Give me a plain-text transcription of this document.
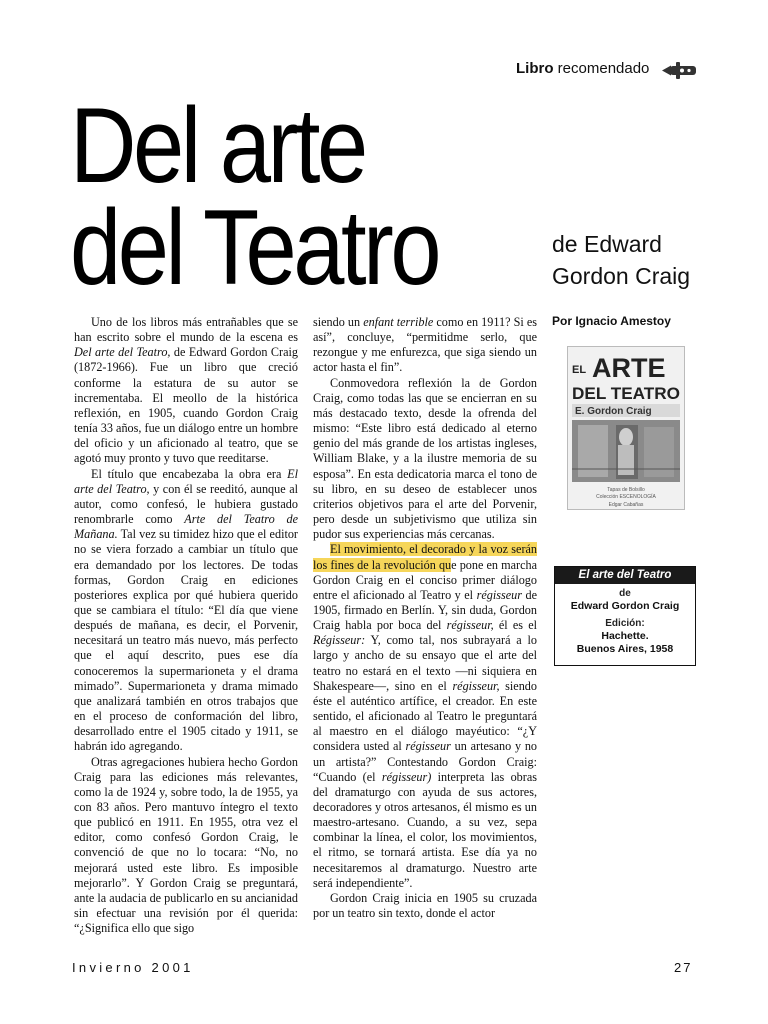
Libro recomendado
Del arte
del Teatro	de Edward
Gordon Craig
Por Ignacio Amestoy

Uno de los libros más entrañables que se han escrito sobre el mundo de la escena es Del arte del Teatro, de Edward Gordon Craig (1872-1966). Fue un libro que creció conforme la estatura de su autor se incrementaba. El meollo de la histórica reflexión, en 1905, cuando Gordon Craig tenía 33 años, fue un diálogo entre un hombre del oficio y un aficionado al teatro, que se agotó muy pronto y tuvo que reeditarse.

El título que encabezaba la obra era El arte del Teatro, y con él se reeditó, aunque al autor, como confesó, le hubiera gustado renombrarle como Arte del Teatro de Mañana. Tal vez su timidez hizo que el editor no se viera forzado a cambiar un título que era demandado por los lectores. De todas formas, Gordon Craig en ediciones posteriores explica por qué hubiera querido que se cambiara el título: “El día que viene después de mañana, es decir, el Porvenir, necesitará un teatro más nuevo, más perfecto que el aquí descrito, pues ese día conoceremos la supermarioneta y el drama mimado”. Supermarioneta y drama mimado que analizará también en otros trabajos que en el proceso de conformación del libro, desarrollado entre el 1905 citado y 1911, se habrán ido agregando.

Otras agregaciones hubiera hecho Gordon Craig para las ediciones más relevantes, como la de 1924 y, sobre todo, la de 1955, ya con 83 años. Pero mantuvo íntegro el texto que publicó en 1911. En 1955, otra vez el editor, como confesó Gordon Craig, le convenció de que no lo tocara: “No, no mejorará usted este libro. Es imposible mejorarlo”. Y Gordon Craig se preguntará, ante la audacia de publicarlo en su ancianidad sin efectuar una revisión por él querida: “¿Significa ello que sigo

siendo un enfant terrible como en 1911? Si es así”, concluye, “permitidme serlo, que rezongue y me enfurezca, que siga siendo un actor hasta el fin”.

Conmovedora reflexión la de Gordon Craig, como todas las que se encierran en su más destacado texto, desde la ofrenda del mismo: “Este libro está dedicado al eterno genio del más grande de los artistas ingleses, William Blake, y a la ilustre memoria de su esposa”. En esta dedicatoria marca el tono de su libro, en su deseo de establecer unos criterios objetivos para el arte del Porvenir, pero desde un subjetivismo que utiliza sin pudor sus experiencias más cercanas.

El movimiento, el decorado y la voz serán los fines de la revolución que pone en marcha Gordon Craig en el conciso primer diálogo entre el aficionado al Teatro y el régisseur de 1905, firmado en Berlín. Y, sin duda, Gordon Craig habla por boca del régisseur, él es el Régisseur: Y, como tal, nos subrayará a lo largo y ancho de su ensayo que el arte del teatro no estará en el texto —ni siquiera en Shakespeare—, sino en el régisseur, siendo éste el auténtico artífice, el creador. En este sentido, el aficionado al Teatro le preguntará al maestro en el diálogo mayéutico: “¿Y considera usted al régisseur un artesano y no un artista?” Contestando Gordon Craig: “Cuando (el régisseur) interpreta las obras del dramaturgo con ayuda de sus actores, decoradores y otros artesanos, él mismo es un maestro-artesano. Cuando, a su vez, sepa combinar la línea, el color, los movimientos, el ritmo, se tornará artista. Ese día ya no necesitaremos al dramaturgo. Nuestro arte será independiente”.

Gordon Craig inicia en 1905 su cruzada por un teatro sin texto, donde el actor

EL ARTE
DEL TEATRO
E. Gordon Craig
Tapas de Bolsillo
Colección ESCENOLOGÍA
Edgar Cabañas
El arte del Teatro
de
Edward Gordon Craig
Edición:
Hachette.
Buenos Aires, 1958
Invierno 2001	27
